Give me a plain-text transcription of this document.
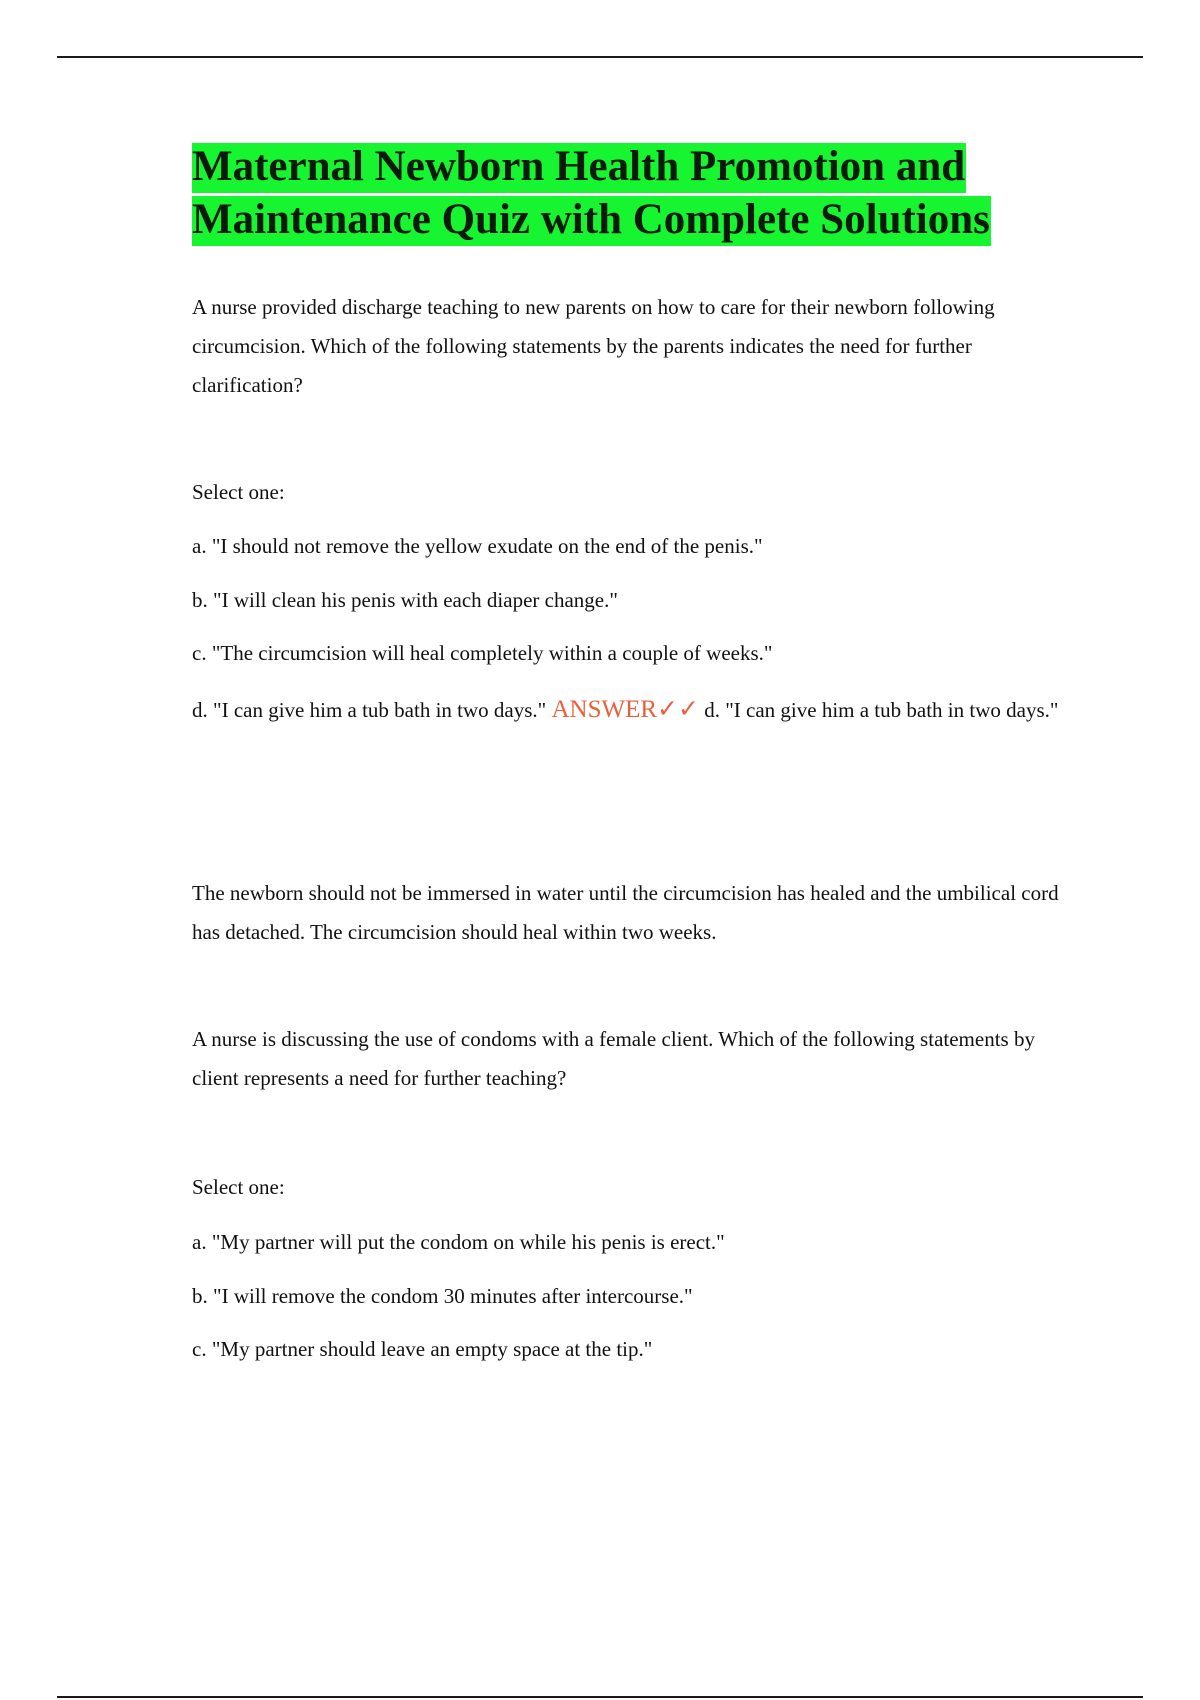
Maternal Newborn Health Promotion and
Maintenance Quiz with Complete Solutions

A nurse provided discharge teaching to new parents on how to care for their newborn following circumcision. Which of the following statements by the parents indicates the need for further clarification?

Select one:

a. "I should not remove the yellow exudate on the end of the penis."

b. "I will clean his penis with each diaper change."

c. "The circumcision will heal completely within a couple of weeks."

d. "I can give him a tub bath in two days." ANSWER✓✓ d. "I can give him a tub bath in two days."

The newborn should not be immersed in water until the circumcision has healed and the umbilical cord has detached. The circumcision should heal within two weeks.

A nurse is discussing the use of condoms with a female client. Which of the following statements by client represents a need for further teaching?

Select one:

a. "My partner will put the condom on while his penis is erect."

b. "I will remove the condom 30 minutes after intercourse."

c. "My partner should leave an empty space at the tip."
